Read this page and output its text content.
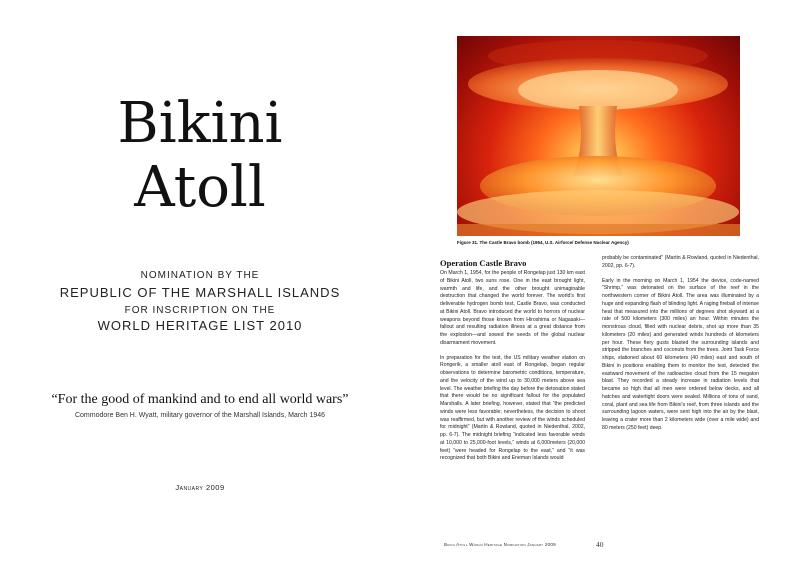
Bikini
Atoll

NOMINATION BY THE

REPUBLIC OF THE MARSHALL ISLANDS

FOR INSCRIPTION ON THE

WORLD HERITAGE LIST 2010

“For the good of mankind and to end all world wars”

Commodore Ben H. Wyatt, military governor of the Marshall Islands, March 1946

January 2009

Figure 31. The Castle Bravo bomb (1954, U.S. Airforce/ Defense Nuclear Agency)

Operation Castle Bravo

On March 1, 1954, for the people of Rongelap just 130 km east of Bikini Atoll, two suns rose. One in the east brought light, warmth and life, and the other brought unimaginable destruction that changed the world forever. The world’s first deliverable hydrogen bomb test, Castle Bravo, was conducted at Bikini Atoll. Bravo introduced the world to horrors of nuclear weapons beyond those known from Hiroshima or Nagasaki—fallout and resulting radiation illness at a great distance from the explosion—and sowed the seeds of the global nuclear disarmament movement.

In preparation for the test, the US military weather station on Rongerik, a smaller atoll east of Rongelap, began regular observations to determine barometric conditions, temperature, and the velocity of the wind up to 30,000 meters above sea level. The weather briefing the day before the detonation stated that there would be no significant fallout for the populated Marshalls. A later briefing, however, stated that “the predicted winds were less favorable; nevertheless, the decision to shoot was reaffirmed, but with another review of the winds scheduled for midnight” (Martin & Rowland, quoted in Niedenthal, 2002, pp. 6-7). The midnight briefing “indicated less favorable winds at 10,000 to 25,000-foot levels,” winds at 6,000meters (20,000 feet) “were headed for Rongelap to the east,” and “it was recognized that both Bikini and Eneman Islands would

probably be contaminated” (Martin & Rowland, quoted in Niedenthal, 2002, pp. 6-7).

Early in the morning on March 1, 1954 the device, code-named “Shrimp,” was detonated on the surface of the reef in the northwestern corner of Bikini Atoll. The area was illuminated by a huge and expanding flash of blinding light. A raging fireball of intense heat that measured into the millions of degrees shot skyward at a rate of 500 kilometers (300 miles) an hour. Within minutes the monstrous cloud, filled with nuclear debris, shot up more than 35 kilometers (20 miles) and generated winds hundreds of kilometers per hour. These fiery gusts blasted the surrounding islands and stripped the branches and coconuts from the trees. Joint Task Force ships, stationed about 60 kilometers (40 miles) east and south of Bikini in positions enabling them to monitor the test, detected the eastward movement of the radioactive cloud from the 15 megaton blast. They recorded a steady increase in radiation levels that became so high that all men were ordered below decks, and all hatches and watertight doors were sealed. Millions of tons of sand, coral, plant and sea life from Bikini’s reef, from three islands and the surrounding lagoon waters, were sent high into the air by the blast, leaving a crater more than 2 kilometers wide (over a mile wide) and 80 meters (250 feet) deep.

Bikini Atoll World Heritage Nomination January 2009	40
